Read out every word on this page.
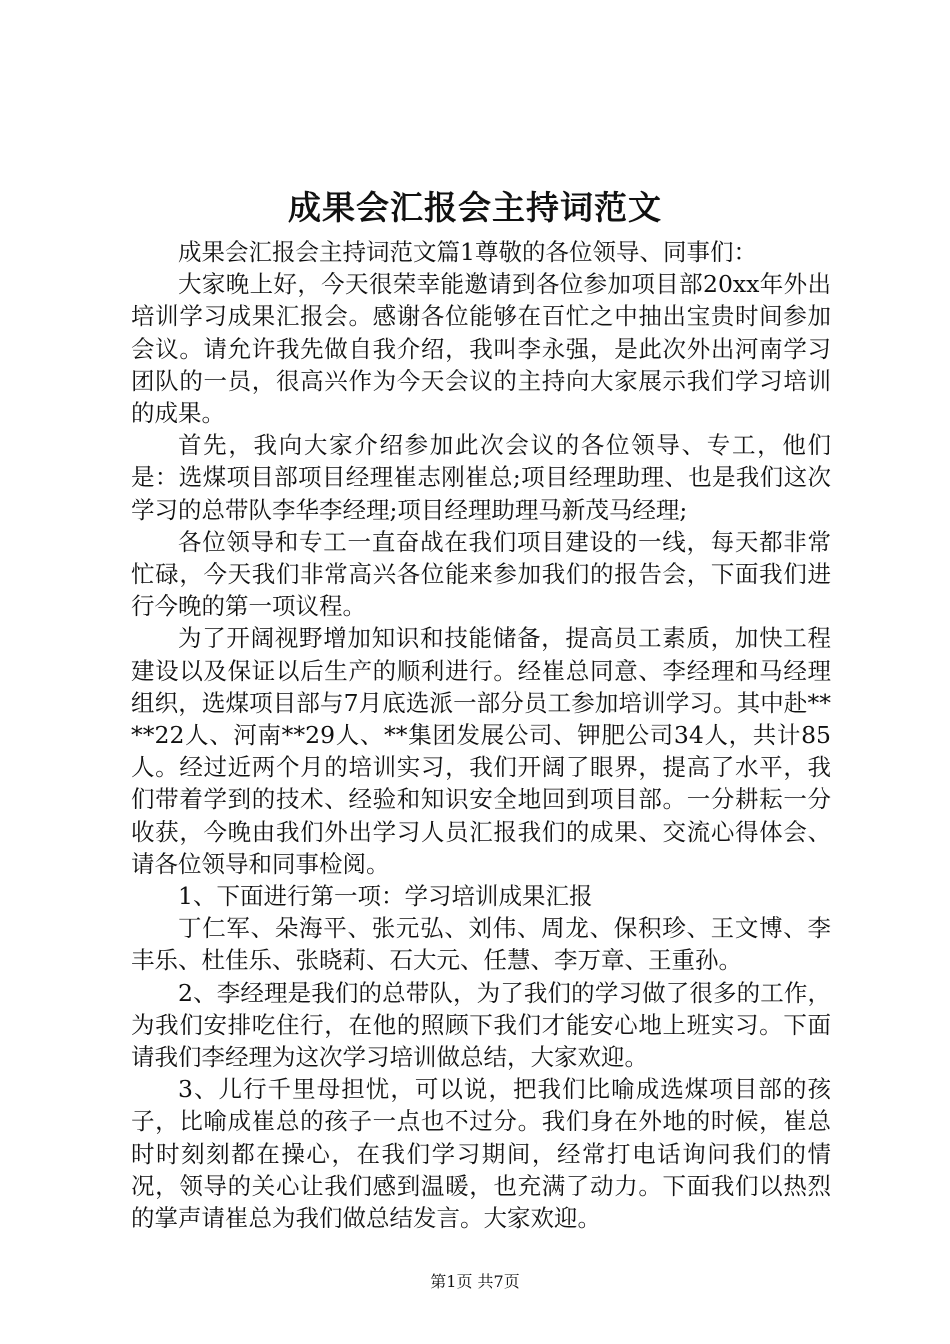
成果会汇报会主持词范文

成果会汇报会主持词范文篇1尊敬的各位领导、同事们：

大家晚上好，今天很荣幸能邀请到各位参加项目部20xx年外出培训学习成果汇报会。感谢各位能够在百忙之中抽出宝贵时间参加会议。请允许我先做自我介绍，我叫李永强，是此次外出河南学习团队的一员，很高兴作为今天会议的主持向大家展示我们学习培训的成果。

首先，我向大家介绍参加此次会议的各位领导、专工，他们是：选煤项目部项目经理崔志刚崔总;项目经理助理、也是我们这次学习的总带队李华李经理;项目经理助理马新茂马经理;

各位领导和专工一直奋战在我们项目建设的一线，每天都非常忙碌，今天我们非常高兴各位能来参加我们的报告会，下面我们进行今晚的第一项议程。

为了开阔视野增加知识和技能储备，提高员工素质，加快工程建设以及保证以后生产的顺利进行。经崔总同意、李经理和马经理组织，选煤项目部与7月底选派一部分员工参加培训学习。其中赴****22人、河南**29人、**集团发展公司、钾肥公司34人，共计85人。经过近两个月的培训实习，我们开阔了眼界，提高了水平，我们带着学到的技术、经验和知识安全地回到项目部。一分耕耘一分收获，今晚由我们外出学习人员汇报我们的成果、交流心得体会、请各位领导和同事检阅。

1、下面进行第一项：学习培训成果汇报

丁仁军、朵海平、张元弘、刘伟、周龙、保积珍、王文博、李丰乐、杜佳乐、张晓莉、石大元、任慧、李万章、王重孙。

2、李经理是我们的总带队，为了我们的学习做了很多的工作，为我们安排吃住行，在他的照顾下我们才能安心地上班实习。下面请我们李经理为这次学习培训做总结，大家欢迎。

3、儿行千里母担忧，可以说，把我们比喻成选煤项目部的孩子，比喻成崔总的孩子一点也不过分。我们身在外地的时候，崔总时时刻刻都在操心，在我们学习期间，经常打电话询问我们的情况，领导的关心让我们感到温暖，也充满了动力。下面我们以热烈的掌声请崔总为我们做总结发言。大家欢迎。

第1页 共7页
